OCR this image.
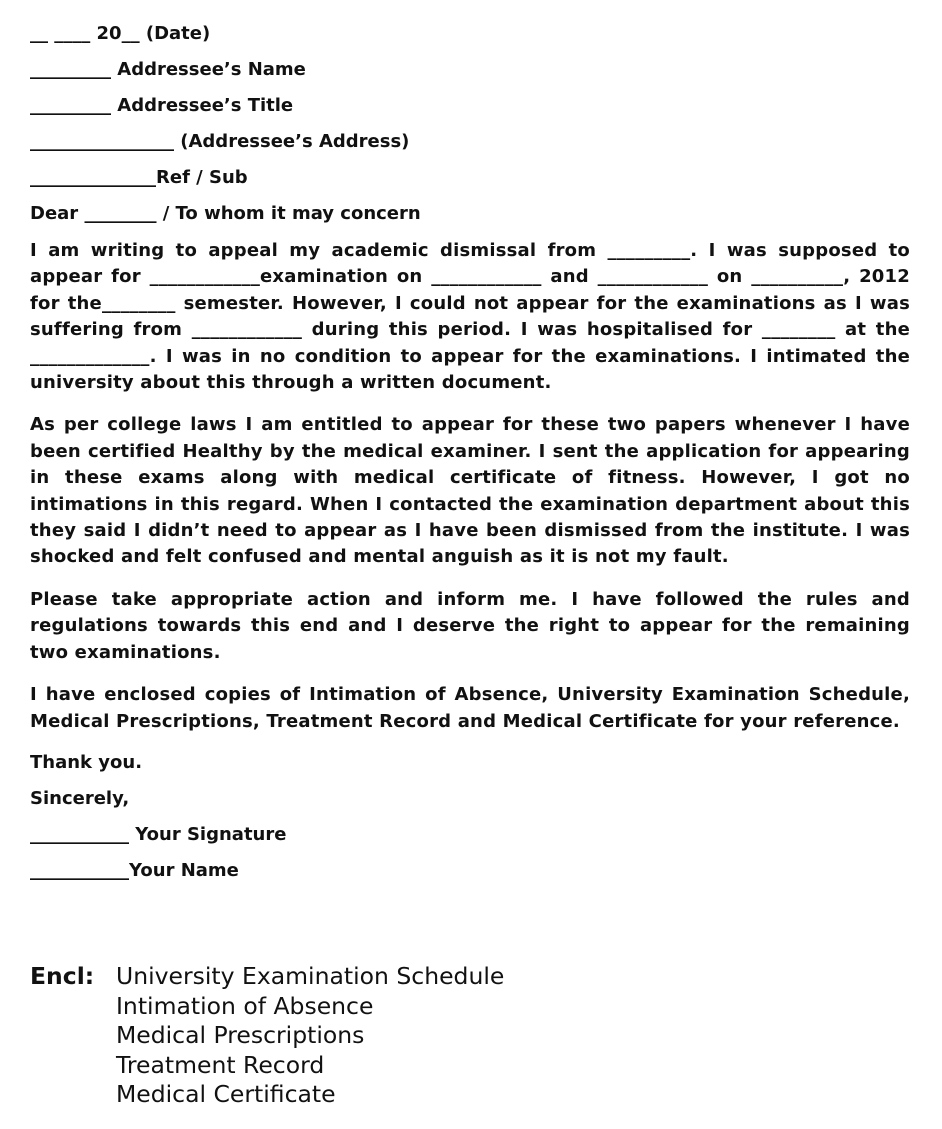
__ ____ 20__ (Date)
_________ Addressee’s Name
_________ Addressee’s Title
________________ (Addressee’s Address)
______________Ref / Sub
Dear ________ / To whom it may concern

I am writing to appeal my academic dismissal from _________. I was supposed to appear for ____________examination on ____________ and ____________ on __________, 2012 for the________ semester. However, I could not appear for the examinations as I was suffering from ____________ during this period. I was hospitalised for ________ at the _____________. I was in no condition to appear for the examinations. I intimated the university about this through a written document.

As per college laws I am entitled to appear for these two papers whenever I have been certified Healthy by the medical examiner. I sent the application for appearing in these exams along with medical certificate of fitness. However, I got no intimations in this regard. When I contacted the examination department about this they said I didn’t need to appear as I have been dismissed from the institute. I was shocked and felt confused and mental anguish as it is not my fault.

Please take appropriate action and inform me. I have followed the rules and regulations towards this end and I deserve the right to appear for the remaining two examinations.

I have enclosed copies of Intimation of Absence, University Examination Schedule, Medical Prescriptions, Treatment Record and Medical Certificate for your reference.

Thank you.
Sincerely,
___________ Your Signature
___________Your Name
Encl: University Examination Schedule
Intimation of Absence
Medical Prescriptions
Treatment Record
Medical Certificate
